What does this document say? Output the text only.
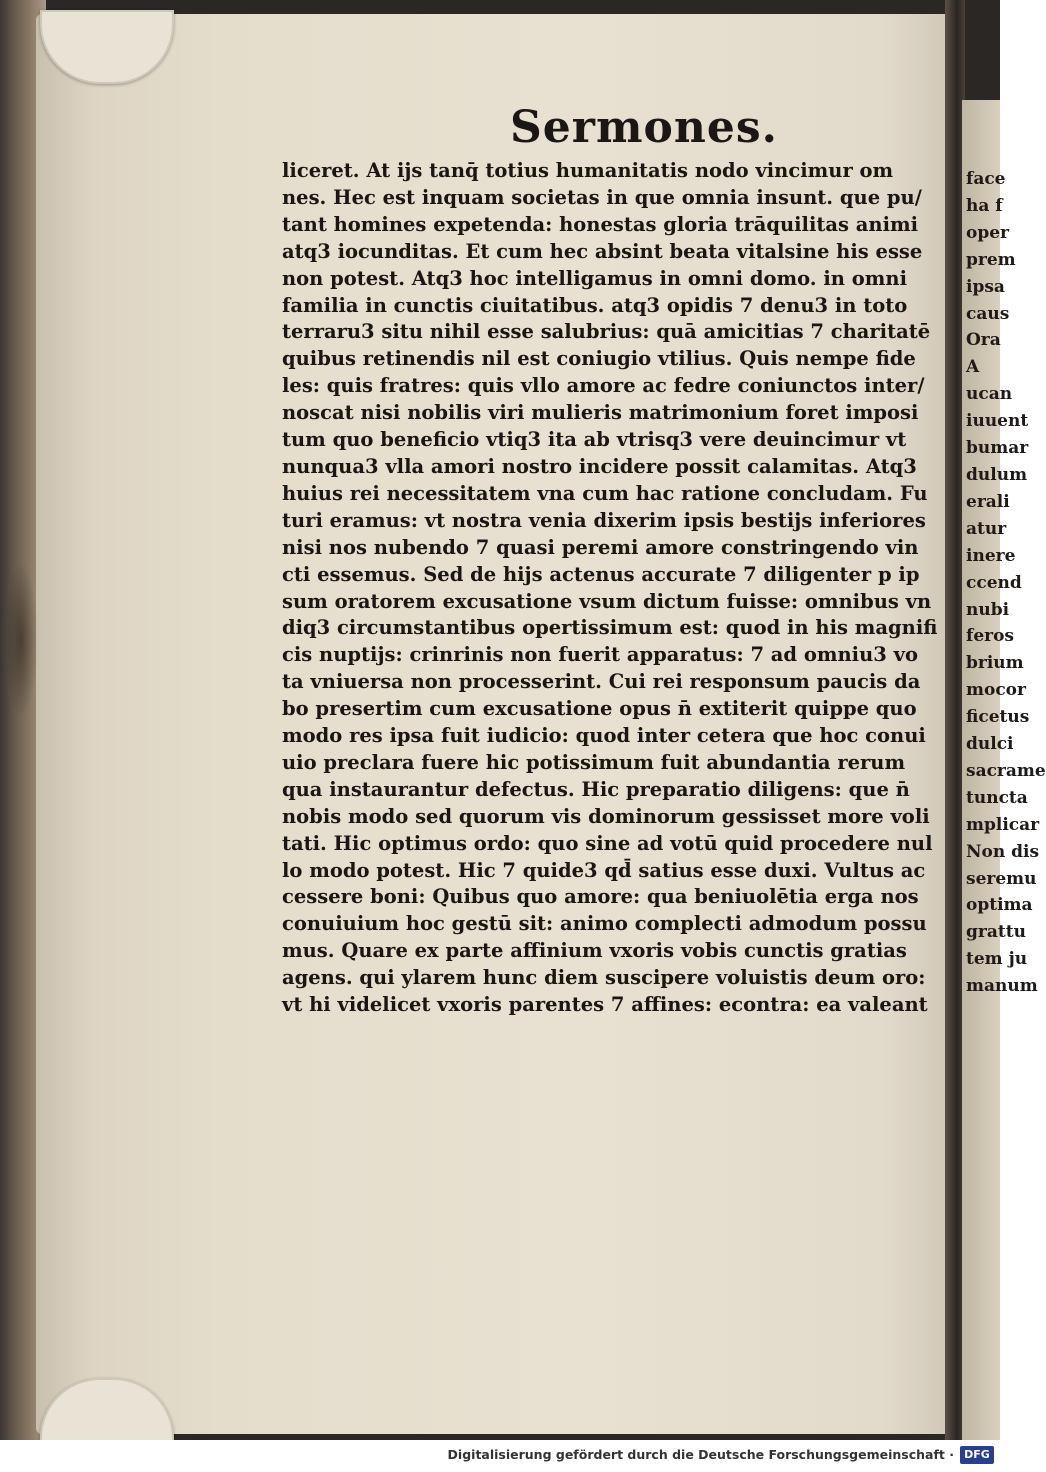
face
ha f
oper
prem
ipsa
caus
Ora
A
ucan
iuuent
bumar
dulum
erali
atur
inere
ccend
nubi
feros
brium
mocor
ficetus
dulci
sacrame
tuncta
mplicar
Non dis
seremu
optima
grattu
tem ju
manum
Sermones.
liceret. At ijs tanq̄ totius humanitatis nodo vincimur om
nes. Hec est inquam societas in que omnia insunt. que pu/
tant homines expetenda: honestas gloria trāquilitas animi
atq3 iocunditas. Et cum hec absint beata vitalsine his esse
non potest. Atq3 hoc intelligamus in omni domo. in omni
familia in cunctis ciuitatibus. atq3 opidis 7 denu3 in toto
terraru3 situ nihil esse salubrius: quā amicitias 7 charitatē
quibus retinendis nil est coniugio vtilius. Quis nempe fide
les: quis fratres: quis vllo amore ac fedre coniunctos inter/
noscat nisi nobilis viri mulieris matrimonium foret imposi
tum quo beneficio vtiq3 ita ab vtrisq3 vere deuincimur vt
nunqua3 vlla amori nostro incidere possit calamitas. Atq3
huius rei necessitatem vna cum hac ratione concludam. Fu
turi eramus: vt nostra venia dixerim ipsis bestijs inferiores
nisi nos nubendo 7 quasi peremi amore constringendo vin
cti essemus. Sed de hijs actenus accurate 7 diligenter p ip
sum oratorem excusatione vsum dictum fuisse: omnibus vn
diq3 circumstantibus opertissimum est: quod in his magnifi
cis nuptijs: crinrinis non fuerit apparatus: 7 ad omniu3 vo
ta vniuersa non processerint. Cui rei responsum paucis da
bo presertim cum excusatione opus n̄ extiterit quippe quo
modo res ipsa fuit iudicio: quod inter cetera que hoc conui
uio preclara fuere hic potissimum fuit abundantia rerum
qua instaurantur defectus. Hic preparatio diligens: que n̄
nobis modo sed quorum vis dominorum gessisset more voli
tati. Hic optimus ordo: quo sine ad votū quid procedere nul
lo modo potest. Hic 7 quide3 qd̄ satius esse duxi. Vultus ac
cessere boni: Quibus quo amore: qua beniuolētia erga nos
conuiuium hoc gestū sit: animo complecti admodum possu
mus. Quare ex parte affinium vxoris vobis cunctis gratias
agens. qui ylarem hunc diem suscipere voluistis deum oro:
vt hi videlicet vxoris parentes 7 affines: econtra: ea valeant
Digitalisierung gefördert durch die Deutsche Forschungsgemeinschaft · DFG
